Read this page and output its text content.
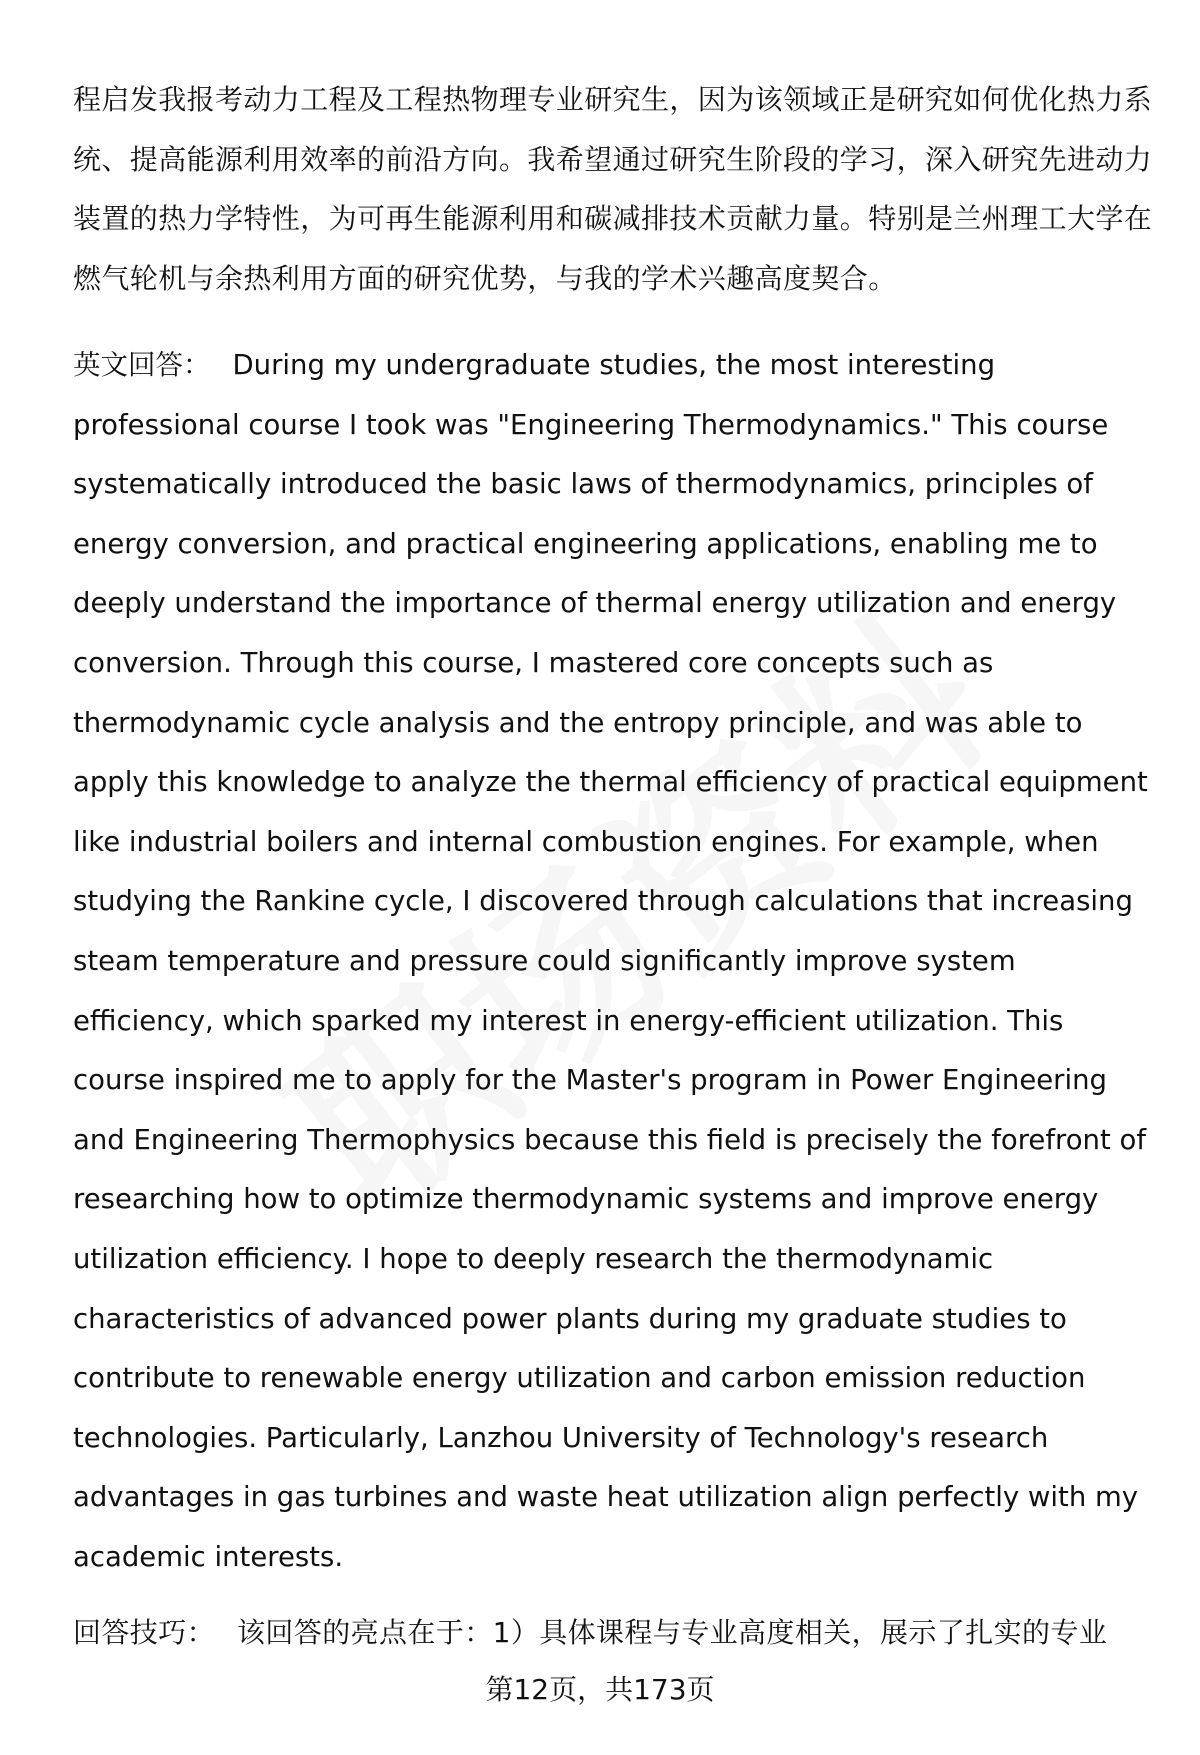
程启发我报考动力工程及工程热物理专业研究生，因为该领域正是研究如何优化热力系统、提高能源利用效率的前沿方向。我希望通过研究生阶段的学习，深入研究先进动力装置的热力学特性，为可再生能源利用和碳减排技术贡献力量。特别是兰州理工大学在燃气轮机与余热利用方面的研究优势，与我的学术兴趣高度契合。

英文回答： During my undergraduate studies, the most interesting professional course I took was "Engineering Thermodynamics." This course systematically introduced the basic laws of thermodynamics, principles of energy conversion, and practical engineering applications, enabling me to deeply understand the importance of thermal energy utilization and energy conversion. Through this course, I mastered core concepts such as thermodynamic cycle analysis and the entropy principle, and was able to apply this knowledge to analyze the thermal efficiency of practical equipment like industrial boilers and internal combustion engines. For example, when studying the Rankine cycle, I discovered through calculations that increasing steam temperature and pressure could significantly improve system efficiency, which sparked my interest in energy-efficient utilization. This course inspired me to apply for the Master's program in Power Engineering and Engineering Thermophysics because this field is precisely the forefront of researching how to optimize thermodynamic systems and improve energy utilization efficiency. I hope to deeply research the thermodynamic characteristics of advanced power plants during my graduate studies to contribute to renewable energy utilization and carbon emission reduction technologies. Particularly, Lanzhou University of Technology's research advantages in gas turbines and waste heat utilization align perfectly with my academic interests.

回答技巧： 该回答的亮点在于：1）具体课程与专业高度相关，展示了扎实的专业

第12页，共173页
